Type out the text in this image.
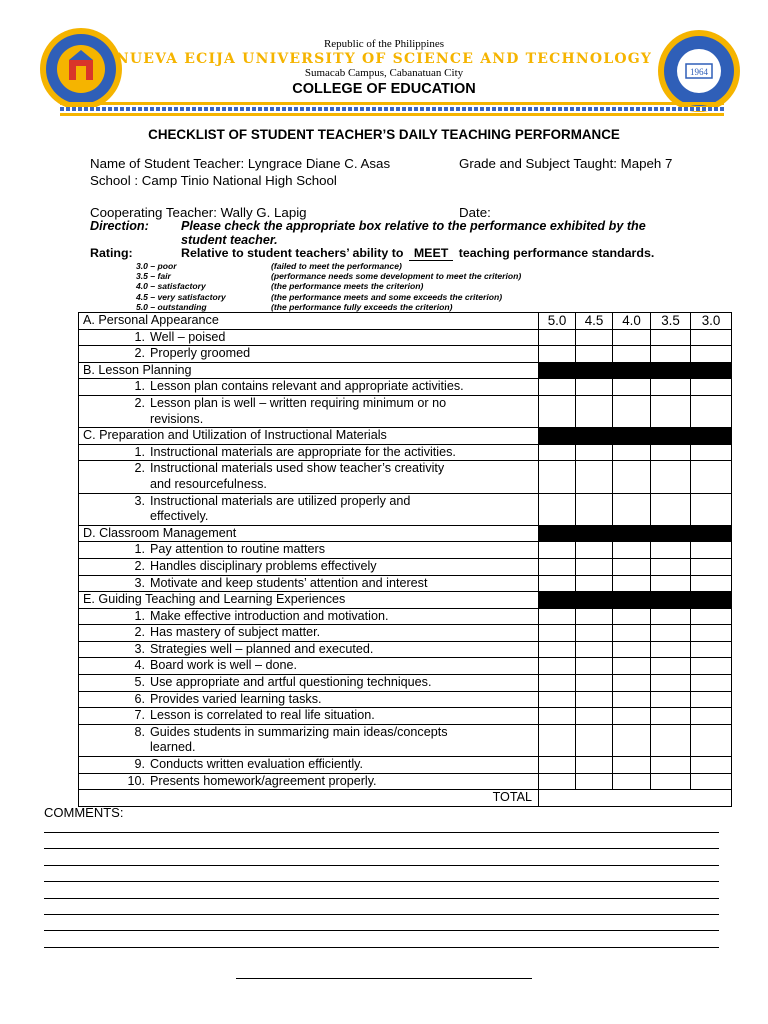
1964
Republic of the Philippines
NUEVA ECIJA UNIVERSITY OF SCIENCE AND TECHNOLOGY
Sumacab Campus, Cabanatuan City
COLLEGE OF EDUCATION
CHECKLIST OF STUDENT TEACHER’S DAILY TEACHING PERFORMANCE
Name of Student Teacher: Lyngrace Diane C. Asas	Grade and Subject Taught: Mapeh 7
School : Camp Tinio National High School
Cooperating Teacher: Wally G. Lapig	Date:
Direction:	Please check the appropriate box relative to the performance exhibited by the
student teacher.
Rating:	Relative to student teachers’ ability to MEET teaching performance standards.
3.0 – poor	(failed to meet the performance)
3.5 – fair	(performance needs some development to meet the criterion)
4.0 – satisfactory	(the performance meets the criterion)
4.5 – very satisfactory	(the performance meets and some exceeds the criterion)
5.0 – outstanding	(the performance fully exceeds the criterion)
A. Personal Appearance	5.0	4.5	4.0	3.5	3.0

1. Well – poised					

2. Properly groomed					

B. Lesson Planning					

1. Lesson plan contains relevant and appropriate activities.					

2. Lesson plan is well – written requiring minimum or no
revisions.					

C. Preparation and Utilization of Instructional Materials					

1. Instructional materials are appropriate for the activities.					

2. Instructional materials used show teacher’s creativity
and resourcefulness.					

3. Instructional materials are utilized properly and
effectively.					

D. Classroom Management					

1. Pay attention to routine matters					

2. Handles disciplinary problems effectively					

3. Motivate and keep students’ attention and interest					

E. Guiding Teaching and Learning Experiences					

1. Make effective introduction and motivation.					

2. Has mastery of subject matter.					

3. Strategies well – planned and executed.					

4. Board work is well – done.					

5. Use appropriate and artful questioning techniques.					

6. Provides varied learning tasks.					

7. Lesson is correlated to real life situation.					

8. Guides students in summarizing main ideas/concepts
learned.					

9. Conducts written evaluation efficiently.					

10. Presents homework/agreement properly.					

TOTAL					
COMMENTS:
